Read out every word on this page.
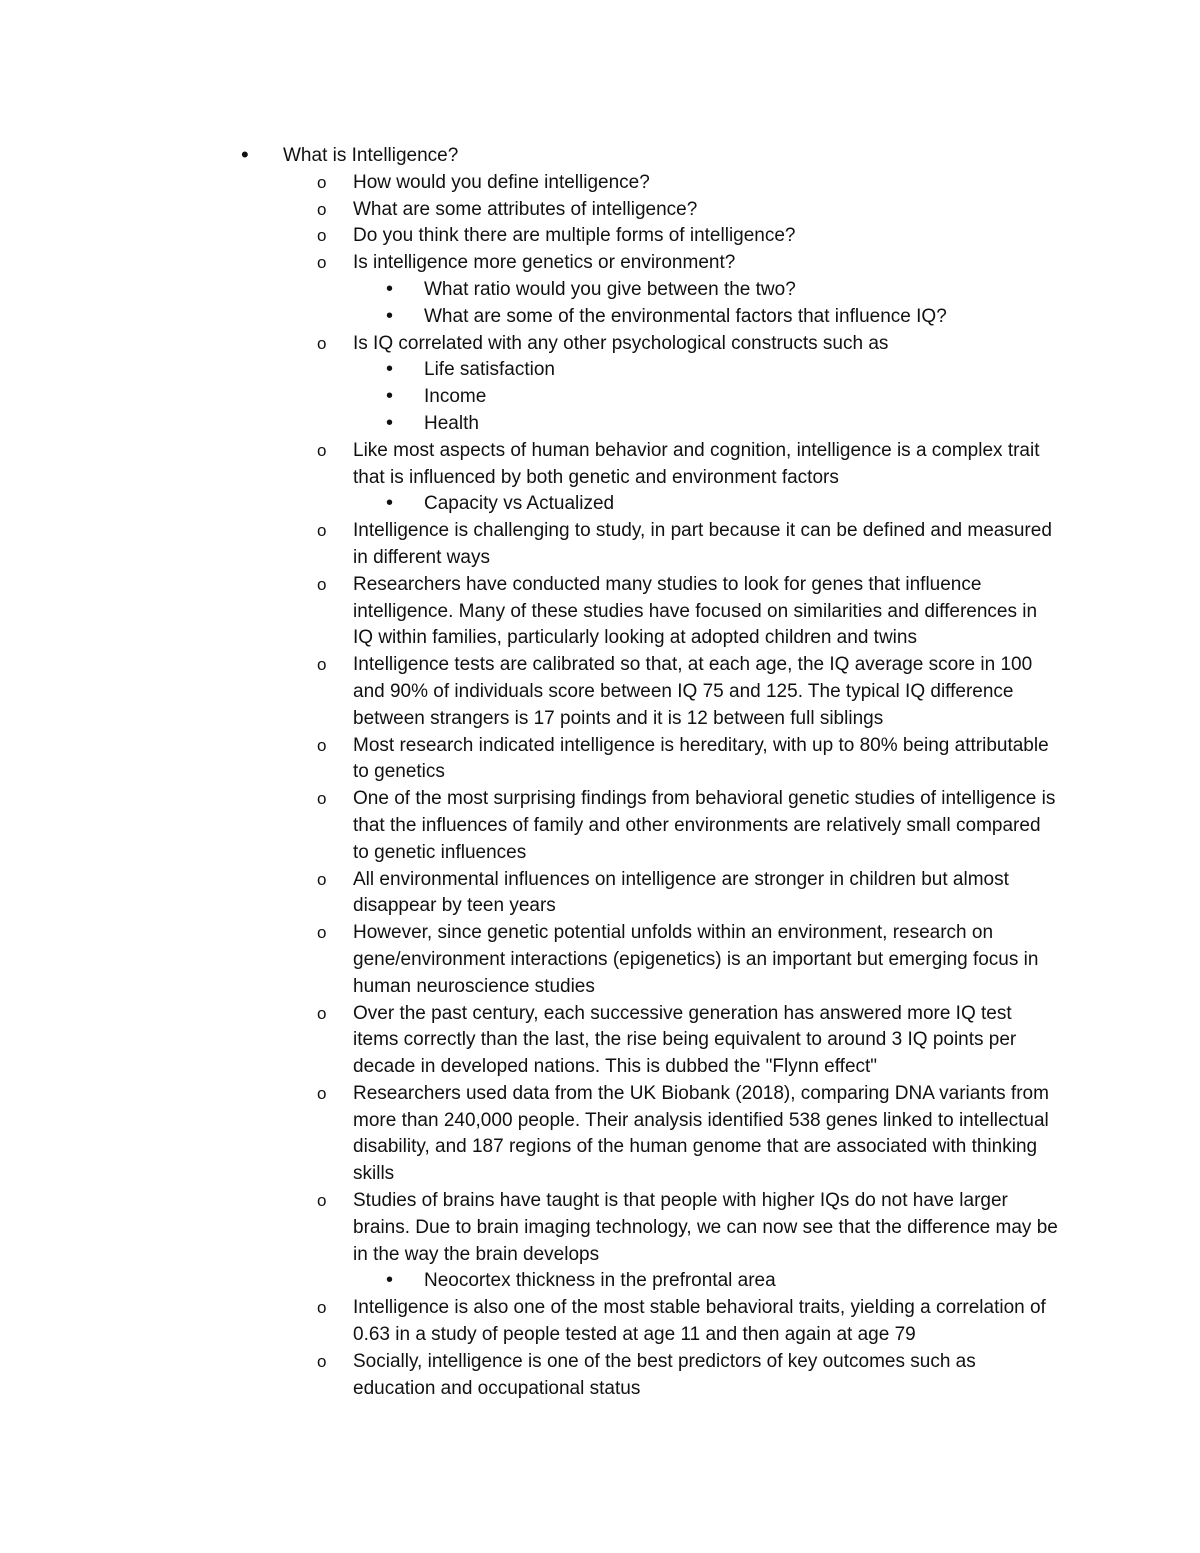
• What is Intelligence?
o How would you define intelligence?
o What are some attributes of intelligence?
o Do you think there are multiple forms of intelligence?
o Is intelligence more genetics or environment?
• What ratio would you give between the two?
• What are some of the environmental factors that influence IQ?
o Is IQ correlated with any other psychological constructs such as
• Life satisfaction
• Income
• Health
o Like most aspects of human behavior and cognition, intelligence is a complex trait that is influenced by both genetic and environment factors
• Capacity vs Actualized
o Intelligence is challenging to study, in part because it can be defined and measured in different ways
o Researchers have conducted many studies to look for genes that influence intelligence. Many of these studies have focused on similarities and differences in IQ within families, particularly looking at adopted children and twins
o Intelligence tests are calibrated so that, at each age, the IQ average score in 100 and 90% of individuals score between IQ 75 and 125. The typical IQ difference between strangers is 17 points and it is 12 between full siblings
o Most research indicated intelligence is hereditary, with up to 80% being attributable to genetics
o One of the most surprising findings from behavioral genetic studies of intelligence is that the influences of family and other environments are relatively small compared to genetic influences
o All environmental influences on intelligence are stronger in children but almost disappear by teen years
o However, since genetic potential unfolds within an environment, research on gene/environment interactions (epigenetics) is an important but emerging focus in human neuroscience studies
o Over the past century, each successive generation has answered more IQ test items correctly than the last, the rise being equivalent to around 3 IQ points per decade in developed nations. This is dubbed the "Flynn effect"
o Researchers used data from the UK Biobank (2018), comparing DNA variants from more than 240,000 people. Their analysis identified 538 genes linked to intellectual disability, and 187 regions of the human genome that are associated with thinking skills
o Studies of brains have taught is that people with higher IQs do not have larger brains. Due to brain imaging technology, we can now see that the difference may be in the way the brain develops
• Neocortex thickness in the prefrontal area
o Intelligence is also one of the most stable behavioral traits, yielding a correlation of 0.63 in a study of people tested at age 11 and then again at age 79
o Socially, intelligence is one of the best predictors of key outcomes such as education and occupational status
